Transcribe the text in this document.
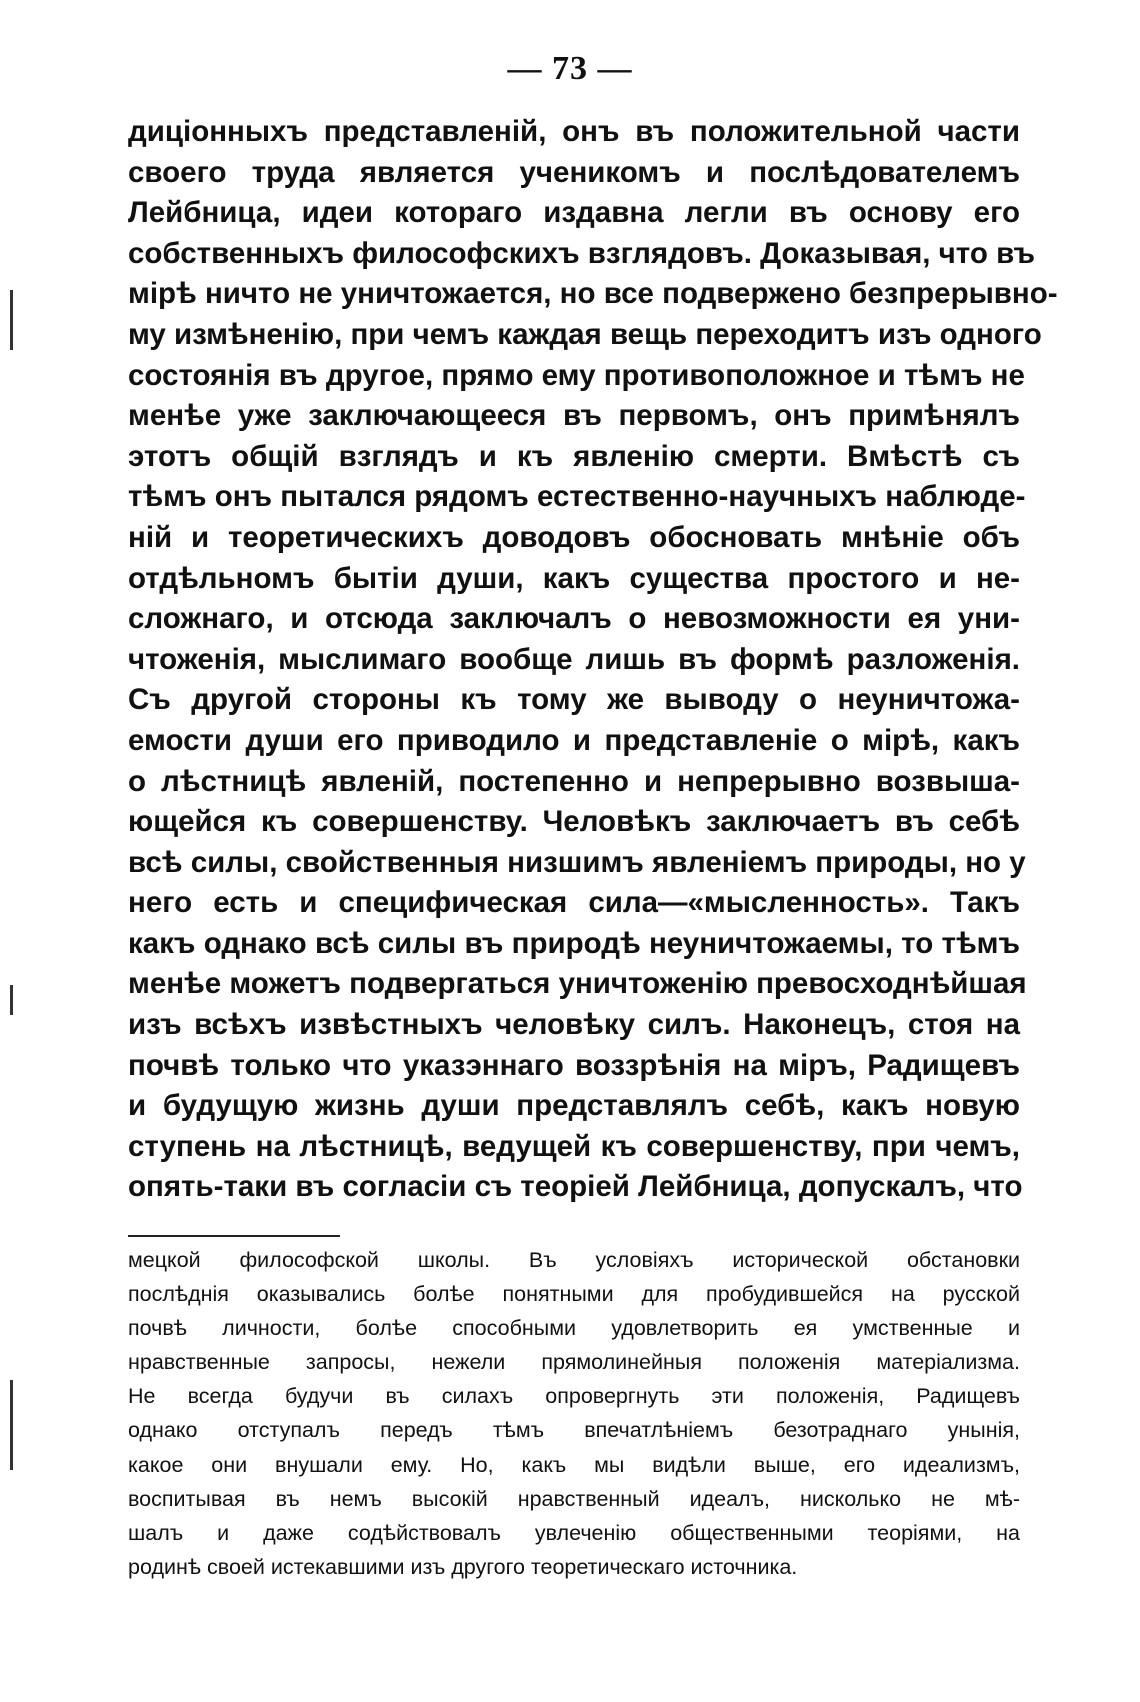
— 73 —
диціонныхъ представленій, онъ въ положительной части
своего труда является ученикомъ и послѣдователемъ
Лейбница, идеи котораго издавна легли въ основу его
собственныхъ философскихъ взглядовъ. Доказывая, что въ
мірѣ ничто не уничтожается, но все подвержено безпрерывно-
му измѣненію, при чемъ каждая вещь переходитъ изъ одного
состоянія въ другое, прямо ему противоположное и тѣмъ не
менѣе уже заключающееся въ первомъ, онъ примѣнялъ
этотъ общій взглядъ и къ явленію смерти. Вмѣстѣ съ
тѣмъ онъ пытался рядомъ естественно-научныхъ наблюде-
ній и теоретическихъ доводовъ обосновать мнѣніе объ
отдѣльномъ бытіи души, какъ существа простого и не-
сложнаго, и отсюда заключалъ о невозможности ея уни-
чтоженія, мыслимаго вообще лишь въ формѣ разложенія.
Съ другой стороны къ тому же выводу о неуничтожа-
емости души его приводило и представленіе о мірѣ, какъ
о лѣстницѣ явленій, постепенно и непрерывно возвыша-
ющейся къ совершенству. Человѣкъ заключаетъ въ себѣ
всѣ силы, свойственныя низшимъ явленіемъ природы, но у
него есть и специфическая сила—«мысленность». Такъ
какъ однако всѣ силы въ природѣ неуничтожаемы, то тѣмъ
менѣе можетъ подвергаться уничтоженію превосходнѣйшая
изъ всѣхъ извѣстныхъ человѣку силъ. Наконецъ, стоя на
почвѣ только что указэннаго воззрѣнія на міръ, Радищевъ
и будущую жизнь души представлялъ себѣ, какъ новую
ступень на лѣстницѣ, ведущей къ совершенству, при чемъ,
опять-таки въ согласіи съ теоріей Лейбница, допускалъ, что
мецкой философской школы. Въ условіяхъ исторической обстановки
послѣднія оказывались болѣе понятными для пробудившейся на русской
почвѣ личности, болѣе способными удовлетворить ея умственные и
нравственные запросы, нежели прямолинейныя положенія матеріализма.
Не всегда будучи въ силахъ опровергнуть эти положенія, Радищевъ
однако отступалъ передъ тѣмъ впечатлѣніемъ безотраднаго унынія,
какое они внушали ему. Но, какъ мы видѣли выше, его идеализмъ,
воспитывая въ немъ высокій нравственный идеалъ, нисколько не мѣ-
шалъ и даже содѣйствовалъ увлеченію общественными теоріями, на
родинѣ своей истекавшими изъ другого теоретическаго источника.
